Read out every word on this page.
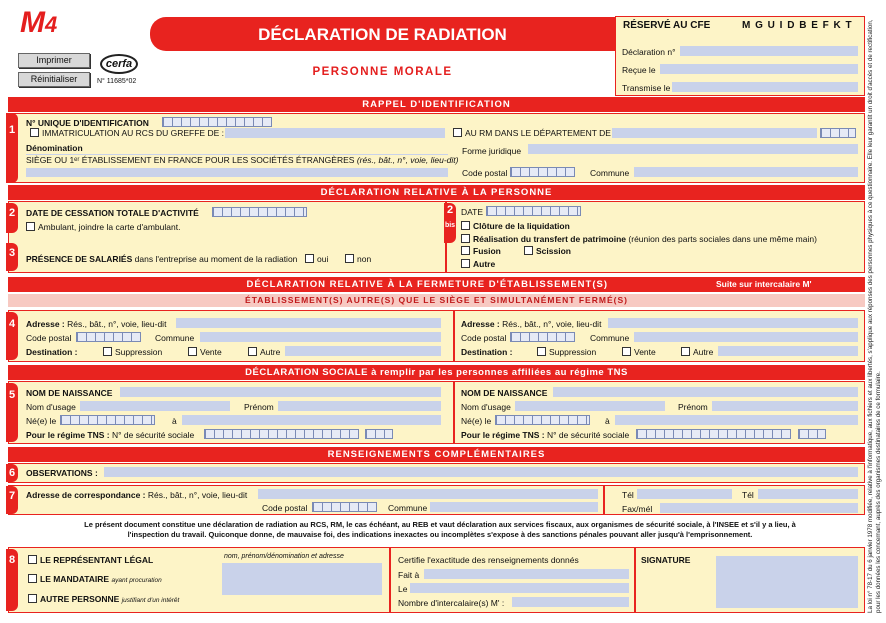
M4
Imprimer
Réinitialiser
cerfa
N° 11685*02
DÉCLARATION DE RADIATION
PERSONNE MORALE
RÉSERVÉ AU CFE	M G U I D B E F K T
Déclaration n°
Reçue le
Transmise le
RAPPEL D'IDENTIFICATION
1
N° UNIQUE D'IDENTIFICATION
IMMATRICULATION AU RCS DU GREFFE DE :	AU RM DANS LE DÉPARTEMENT DE
Dénomination	Forme juridique
SIÈGE OU 1ᵉʳ ÉTABLISSEMENT EN FRANCE POUR LES SOCIÉTÉS ÉTRANGÈRES (rés., bât., n°, voie, lieu-dit)
Code postal	Commune
DÉCLARATION RELATIVE À LA PERSONNE
2	DATE DE CESSATION TOTALE D'ACTIVITÉ
Ambulant, joindre la carte d'ambulant.
3	PRÉSENCE DE SALARIÉS dans l'entreprise au moment de la radiation	oui	non
2
bis
DATE
Clôture de la liquidation
Réalisation du transfert de patrimoine (réunion des parts sociales dans une même main)
Fusion	Scission
Autre
DÉCLARATION RELATIVE À LA FERMETURE D'ÉTABLISSEMENT(S)	Suite sur intercalaire M'
ÉTABLISSEMENT(S) AUTRE(S) QUE LE SIÈGE ET SIMULTANÉMENT FERMÉ(S)
4	Adresse : Rés., bât., n°, voie, lieu-dit
Code postal	Commune
Destination :	Suppression	Vente	Autre
Adresse : Rés., bât., n°, voie, lieu-dit
Code postal	Commune
Destination :	Suppression	Vente	Autre
DÉCLARATION SOCIALE à remplir par les personnes affiliées au régime TNS
5	NOM DE NAISSANCE
Nom d'usage	Prénom
Né(e) le	à
Pour le régime TNS : N° de sécurité sociale
NOM DE NAISSANCE
Nom d'usage	Prénom
Né(e) le	à
Pour le régime TNS : N° de sécurité sociale
RENSEIGNEMENTS COMPLÉMENTAIRES
6	OBSERVATIONS :
7	Adresse de correspondance : Rés., bât., n°, voie, lieu-dit
Code postal	Commune
Tél	Tél
Fax/mél
Le présent document constitue une déclaration de radiation au RCS, RM, le cas échéant, au REB et vaut déclaration aux services fiscaux, aux organismes de sécurité sociale, à l'INSEE et s'il y a lieu, à l'inspection du travail. Quiconque donne, de mauvaise foi, des indications inexactes ou incomplètes s'expose à des sanctions pénales pouvant aller jusqu'à l'emprisonnement.
8	LE REPRÉSENTANT LÉGAL
LE MANDATAIRE ayant procuration
AUTRE PERSONNE justifiant d'un intérêt
nom, prénom/dénomination et adresse	Certifie l'exactitude des renseignements donnés
Fait à
Le
Nombre d'intercalaire(s) M' :
SIGNATURE	La loi n° 78-17 du 6 janvier 1978 modifiée, relative à l'informatique, aux fichiers et aux libertés, s'applique aux réponses des personnes physiques à ce questionnaire. Elle leur garantit un droit d'accès et de rectification, pour les données les concernant, auprès des organismes destinataires de ce formulaire.
